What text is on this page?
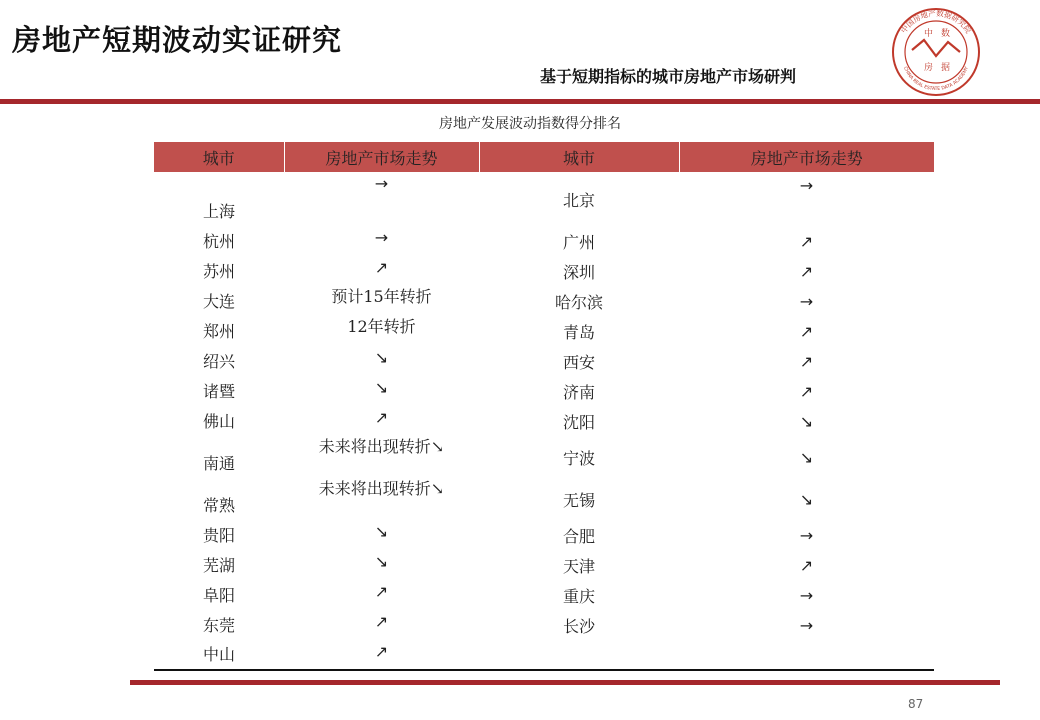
房地产短期波动实证研究
基于短期指标的城市房地产市场研判
中 数
房 据
中国房地产数据研究院
CHINA REAL ESTATE DATA ACADEMY
房地产发展波动指数得分排名
城市	房地产市场走势	城市	房地产市场走势
上海	→	北京	→
杭州	→	广州	↗
苏州	↗	深圳	↗
大连	预计15年转折	哈尔滨	→
郑州	12年转折	青岛	↗
绍兴	↘	西安	↗
诸暨	↘	济南	↗
佛山	↗	沈阳	↘
南通	未来将出现转折↘	宁波	↘
常熟	未来将出现转折↘	无锡	↘
贵阳	↘	合肥	→
芜湖	↘	天津	↗
阜阳	↗	重庆	→
东莞	↗	长沙	→
中山	↗		
87
